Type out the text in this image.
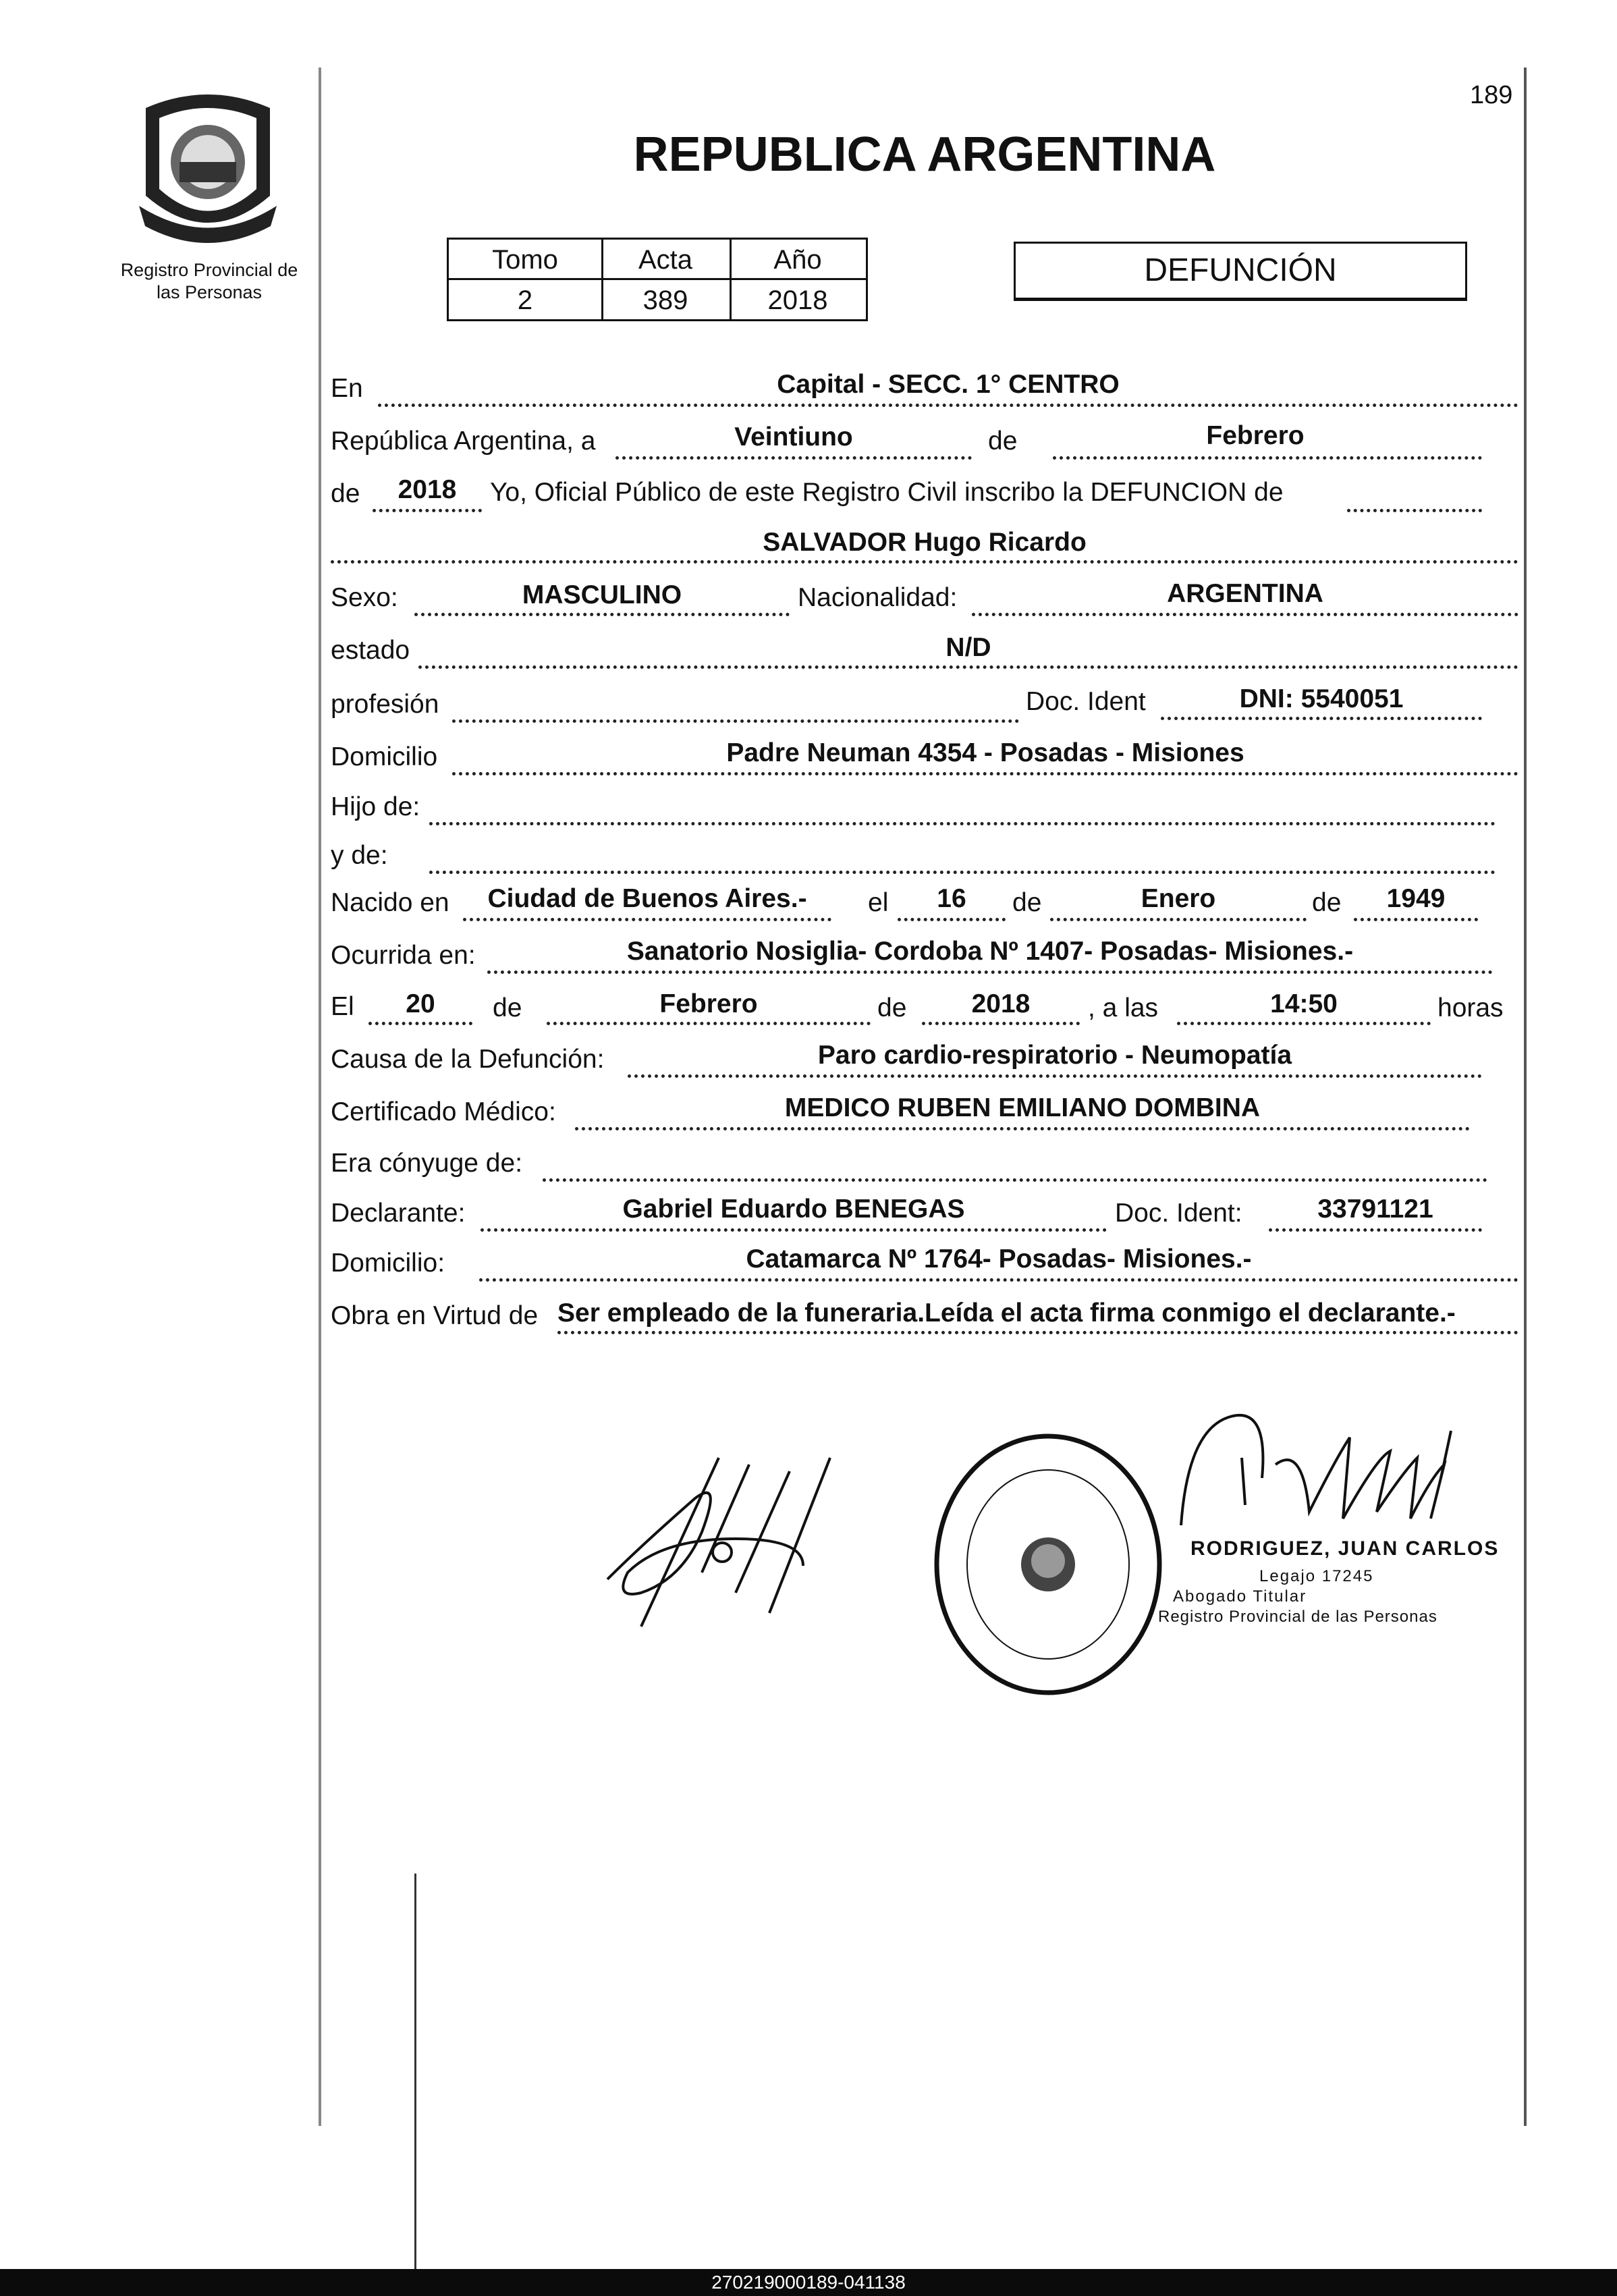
189
Registro Provincial de
las Personas
REPUBLICA ARGENTINA
Tomo	Acta	Año
2	389	2018
DEFUNCIÓN
En	Capital - SECC. 1° CENTRO
República Argentina, a	Veintiuno	de	Febrero
de	2018	Yo, Oficial Público de este Registro Civil inscribo la DEFUNCION de
SALVADOR Hugo Ricardo
Sexo:	MASCULINO	Nacionalidad:	ARGENTINA
estado	N/D
profesión	Doc. Ident	DNI: 5540051
Domicilio	Padre Neuman 4354 - Posadas - Misiones
Hijo de:
y de:
Nacido en	Ciudad de Buenos Aires.-	el	16	de	Enero	de	1949
Ocurrida en:	Sanatorio Nosiglia- Cordoba Nº 1407- Posadas- Misiones.-
El	20	de	Febrero	de	2018	, a las	14:50	horas
Causa de la Defunción:	Paro cardio-respiratorio - Neumopatía
Certificado Médico:	MEDICO RUBEN EMILIANO DOMBINA
Era cónyuge de:
Declarante:	Gabriel Eduardo BENEGAS	Doc. Ident:	33791121
Domicilio:	Catamarca Nº 1764- Posadas- Misiones.-
Obra en Virtud de Ser empleado de la funeraria.Leída el acta firma conmigo el declarante.-
RODRIGUEZ, JUAN CARLOS
Legajo 17245
Abogado Titular
Registro Provincial de las Personas
270219000189-041138
